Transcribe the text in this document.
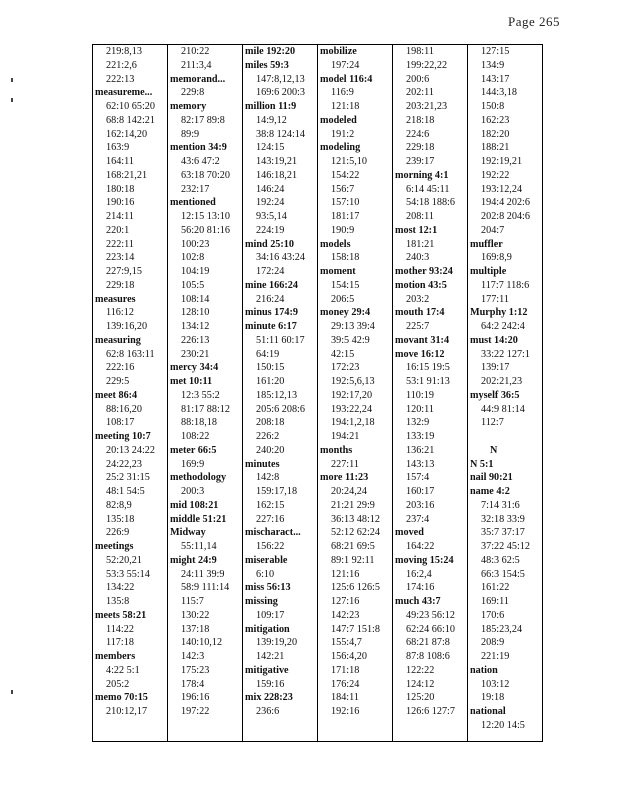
Page 265
219:8,13
221:2,6
222:13
measureme...
62:10 65:20
68:8 142:21
162:14,20
163:9
164:11
168:21,21
180:18
190:16
214:11
220:1
222:11
223:14
227:9,15
229:18
measures
116:12
139:16,20
measuring
62:8 163:11
222:16
229:5
meet 86:4
88:16,20
108:17
meeting 10:7
20:13 24:22
24:22,23
25:2 31:15
48:1 54:5
82:8,9
135:18
226:9
meetings
52:20,21
53:3 55:14
134:22
135:8
meets 58:21
114:22
117:18
members
4:22 5:1
205:2
memo 70:15
210:12,17
210:22
211:3,4
memorand...
229:8
memory
82:17 89:8
89:9
mention 34:9
43:6 47:2
63:18 70:20
232:17
mentioned
12:15 13:10
56:20 81:16
100:23
102:8
104:19
105:5
108:14
128:10
134:12
226:13
230:21
mercy 34:4
met 10:11
12:3 55:2
81:17 88:12
88:18,18
108:22
meter 66:5
169:9
methodology
200:3
mid 108:21
middle 51:21
Midway
55:11,14
might 24:9
24:11 39:9
58:9 111:14
115:7
130:22
137:18
140:10,12
142:3
175:23
178:4
196:16
197:22
mile 192:20
miles 59:3
147:8,12,13
169:6 200:3
million 11:9
14:9,12
38:8 124:14
124:15
143:19,21
146:18,21
146:24
192:24
93:5,14
224:19
mind 25:10
34:16 43:24
172:24
mine 166:24
216:24
minus 174:9
minute 6:17
51:11 60:17
64:19
150:15
161:20
185:12,13
205:6 208:6
208:18
226:2
240:20
minutes
142:8
159:17,18
162:15
227:16
mischaract...
156:22
miserable
6:10
miss 56:13
missing
109:17
mitigation
139:19,20
142:21
mitigative
159:16
mix 228:23
236:6
mobilize
197:24
model 116:4
116:9
121:18
modeled
191:2
modeling
121:5,10
154:22
156:7
157:10
181:17
190:9
models
158:18
moment
154:15
206:5
money 29:4
29:13 39:4
39:5 42:9
42:15
172:23
192:5,6,13
192:17,20
193:22,24
194:1,2,18
194:21
months
227:11
more 11:23
20:24,24
21:21 29:9
36:13 48:12
52:12 62:24
68:21 69:5
89:1 92:11
121:16
125:6 126:5
127:16
142:23
147:7 151:8
155:4,7
156:4,20
171:18
176:24
184:11
192:16
198:11
199:22,22
200:6
202:11
203:21,23
218:18
224:6
229:18
239:17
morning 4:1
6:14 45:11
54:18 188:6
208:11
most 12:1
181:21
240:3
mother 93:24
motion 43:5
203:2
mouth 17:4
225:7
movant 31:4
move 16:12
16:15 19:5
53:1 91:13
110:19
120:11
132:9
133:19
136:21
143:13
157:4
160:17
203:16
237:4
moved
164:22
moving 15:24
16:2,4
174:16
much 43:7
49:23 56:12
62:24 66:10
68:21 87:8
87:8 108:6
122:22
124:12
125:20
126:6 127:7
127:15
134:9
143:17
144:3,18
150:8
162:23
182:20
188:21
192:19,21
192:22
193:12,24
194:4 202:6
202:8 204:6
204:7
muffler
169:8,9
multiple
117:7 118:6
177:11
Murphy 1:12
64:2 242:4
must 14:20
33:22 127:1
139:17
202:21,23
myself 36:5
44:9 81:14
112:7
N
N 5:1
nail 90:21
name 4:2
7:14 31:6
32:18 33:9
35:7 37:17
37:22 45:12
48:3 62:5
66:3 154:5
161:22
169:11
170:6
185:23,24
208:9
221:19
nation
103:12
19:18
national
12:20 14:5
